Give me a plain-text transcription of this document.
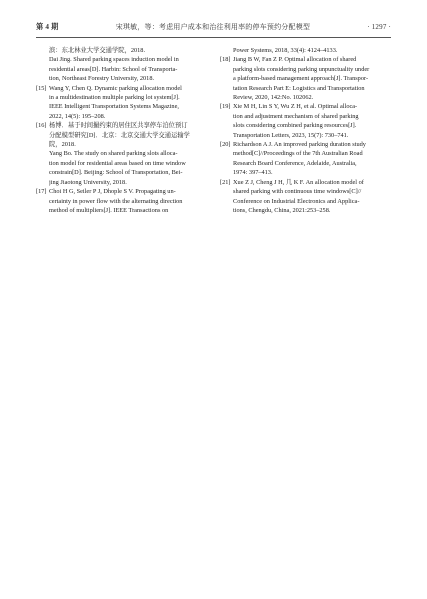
第 4 期	宋琪敏，等：考虑用户成本和治往利用率的停车预约分配模型	· 1297 ·
滨：东北林业大学交通学院，2018.
Dai Jing. Shared parking spaces induction model in
residential areas[D]. Harbin: School of Transporta-
tion, Northeast Forestry University, 2018.
[15] Wang Y, Chen Q. Dynamic parking allocation model
in a multidestination multiple parking lot system[J].
IEEE Intelligent Transportation Systems Magazine,
2022, 14(5): 195–208.
[16] 杨博．基于时间撮约束的居住区共享停车泊位预订
分配模型研究[D]．北京：北京交通大学交通运输学
院，2018.
Yang Bo. The study on shared parking slots alloca-
tion model for residential areas based on time window
constrain[D]. Beijing: School of Transportation, Bei-
jing Jiaotong University, 2018.
[17] Choi H G, Seiler P J, Dhople S V. Propagating un-
certainty in power flow with the alternating direction
method of multipliers[J]. IEEE Transactions on
Power Systems, 2018, 33(4): 4124–4133.
[18] Jiang B W, Fan Z P. Optimal allocation of shared
parking slots considering parking unpunctuality under
a platform-based management approach[J]. Transpor-
tation Research Part E: Logistics and Transportation
Review, 2020, 142:No. 102062.
[19] Xie M H, Lin S Y, Wu Z H, et al. Optimal alloca-
tion and adjustment mechanism of shared parking
slots considering combined parking resources[J].
Transportation Letters, 2023, 15(7): 730–741.
[20] Richardson A J. An improved parking duration study
method[C]//Proceedings of the 7th Australian Road
Research Board Conference, Adelaide, Australia,
1974: 397–413.
[21] Xue Z J, Cheng J H, 几 K F. An allocation model of
shared parking with continuous time windows[C]//
Conference on Industrial Electronics and Applica-
tions, Chengdu, China, 2021:253–258.
